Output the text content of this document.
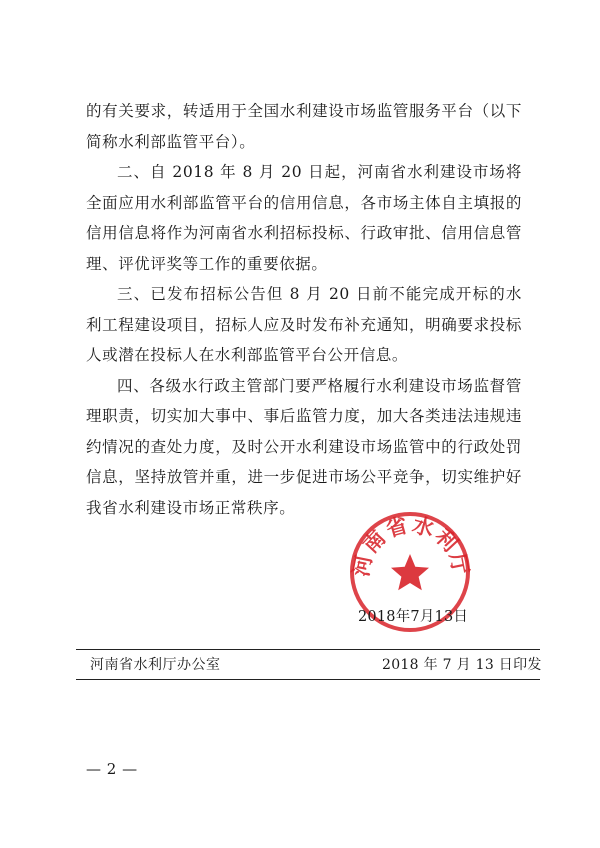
的有关要求，转适用于全国水利建设市场监管服务平台（以下简称水利部监管平台）。

二、自 2018 年 8 月 20 日起，河南省水利建设市场将全面应用水利部监管平台的信用信息，各市场主体自主填报的信用信息将作为河南省水利招标投标、行政审批、信用信息管理、评优评奖等工作的重要依据。

三、已发布招标公告但 8 月 20 日前不能完成开标的水利工程建设项目，招标人应及时发布补充通知，明确要求投标人或潜在投标人在水利部监管平台公开信息。

四、各级水行政主管部门要严格履行水利建设市场监督管理职责，切实加大事中、事后监管力度，加大各类违法违规违约情况的查处力度，及时公开水利建设市场监管中的行政处罚信息，坚持放管并重，进一步促进市场公平竞争，切实维护好我省水利建设市场正常秩序。

河南省水利厅
2018年7月13日
河南省水利厅办公室	2018 年 7 月 13 日印发
— 2 —
